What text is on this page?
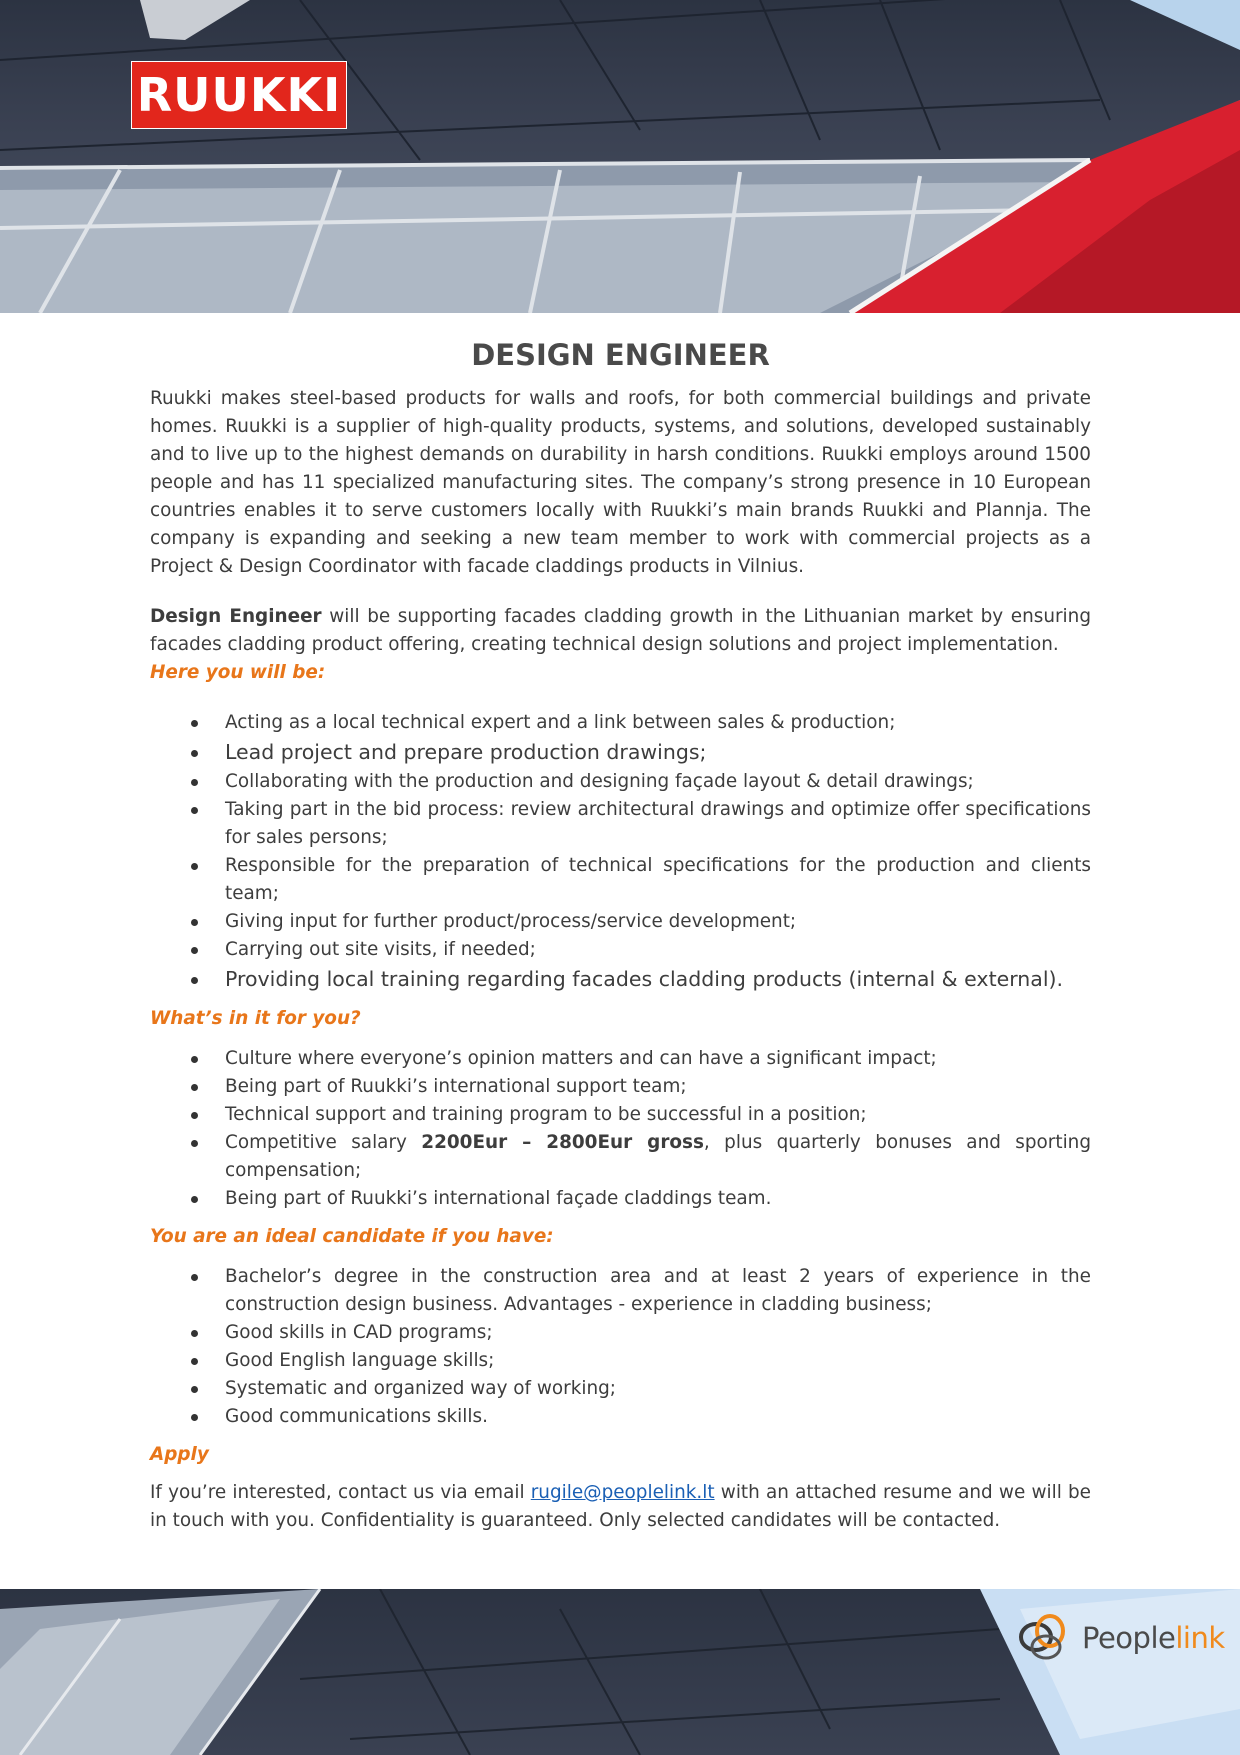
RUUKKI
DESIGN ENGINEER

Ruukki makes steel-based products for walls and roofs, for both commercial buildings and private homes. Ruukki is a supplier of high-quality products, systems, and solutions, developed sustainably and to live up to the highest demands on durability in harsh conditions. Ruukki employs around 1500 people and has 11 specialized manufacturing sites. The company’s strong presence in 10 European countries enables it to serve customers locally with Ruukki’s main brands Ruukki and Plannja. The company is expanding and seeking a new team member to work with commercial projects as a Project & Design Coordinator with facade claddings products in Vilnius.

Design Engineer will be supporting facades cladding growth in the Lithuanian market by ensuring facades cladding product offering, creating technical design solutions and project implementation.

Here you will be:
Acting as a local technical expert and a link between sales & production;
Lead project and prepare production drawings;
Collaborating with the production and designing façade layout & detail drawings;
Taking part in the bid process: review architectural drawings and optimize offer specifications for sales persons;
Responsible for the preparation of technical specifications for the production and clients team;
Giving input for further product/process/service development;
Carrying out site visits, if needed;
Providing local training regarding facades cladding products (internal & external).
What’s in it for you?
Culture where everyone’s opinion matters and can have a significant impact;
Being part of Ruukki’s international support team;
Technical support and training program to be successful in a position;
Competitive salary 2200Eur – 2800Eur gross, plus quarterly bonuses and sporting compensation;
Being part of Ruukki’s international façade claddings team.
You are an ideal candidate if you have:
Bachelor’s degree in the construction area and at least 2 years of experience in the construction design business. Advantages - experience in cladding business;
Good skills in CAD programs;
Good English language skills;
Systematic and organized way of working;
Good communications skills.
Apply

If you’re interested, contact us via email rugile@peoplelink.lt with an attached resume and we will be in touch with you. Confidentiality is guaranteed. Only selected candidates will be contacted.

Peoplelink
